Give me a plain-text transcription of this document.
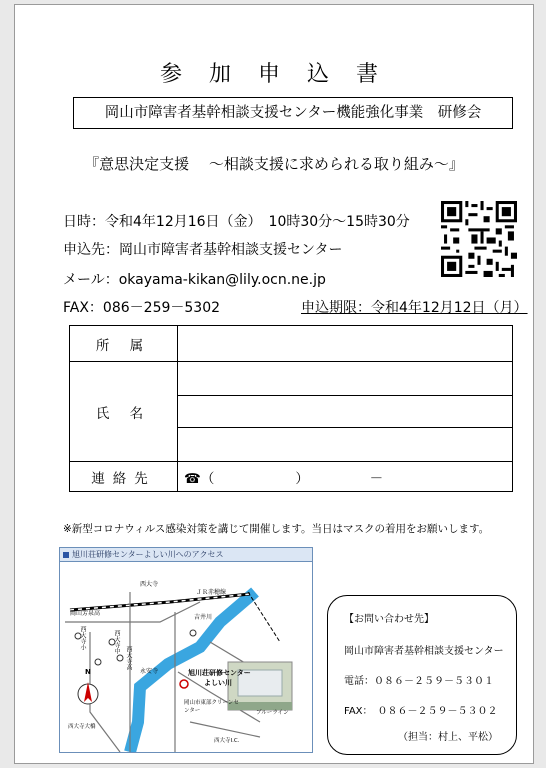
参 加 申 込 書
岡山市障害者基幹相談支援センター機能強化事業　研修会
『意思決定支援　 ～相談支援に求められる取り組み～』
日時：令和4年12月16日（金）　10時30分～15時30分
申込先：岡山市障害者基幹相談支援センター
メール：okayama-kikan@lily.ocn.ne.jp
FAX：086－259－5302	申込期限：令和4年12月12日（月）
所 属	
氏 名	

連絡先	☎（　　　　　　）　　　　　－
※新型コロナウィルス感染対策を講じて開催します。当日はマスクの着用をお願いします。
旭川荘研修センターよしい川へのアクセス
西大寺
ＪＲ赤穂線
岡山芳泉高
西大寺小	西大寺中
西大寺高
吉井川
永安寺	旭川荘研修センター
よしい川
岡山市東部クリーンセンター	ブルーライン
西大寺大橋
西大寺I.C.
N
【お問い合わせ先】
岡山市障害者基幹相談支援センター
電話：０８６－２５９－５３０１
FAX：　０８６－２５９－５３０２
（担当：村上、平松）
